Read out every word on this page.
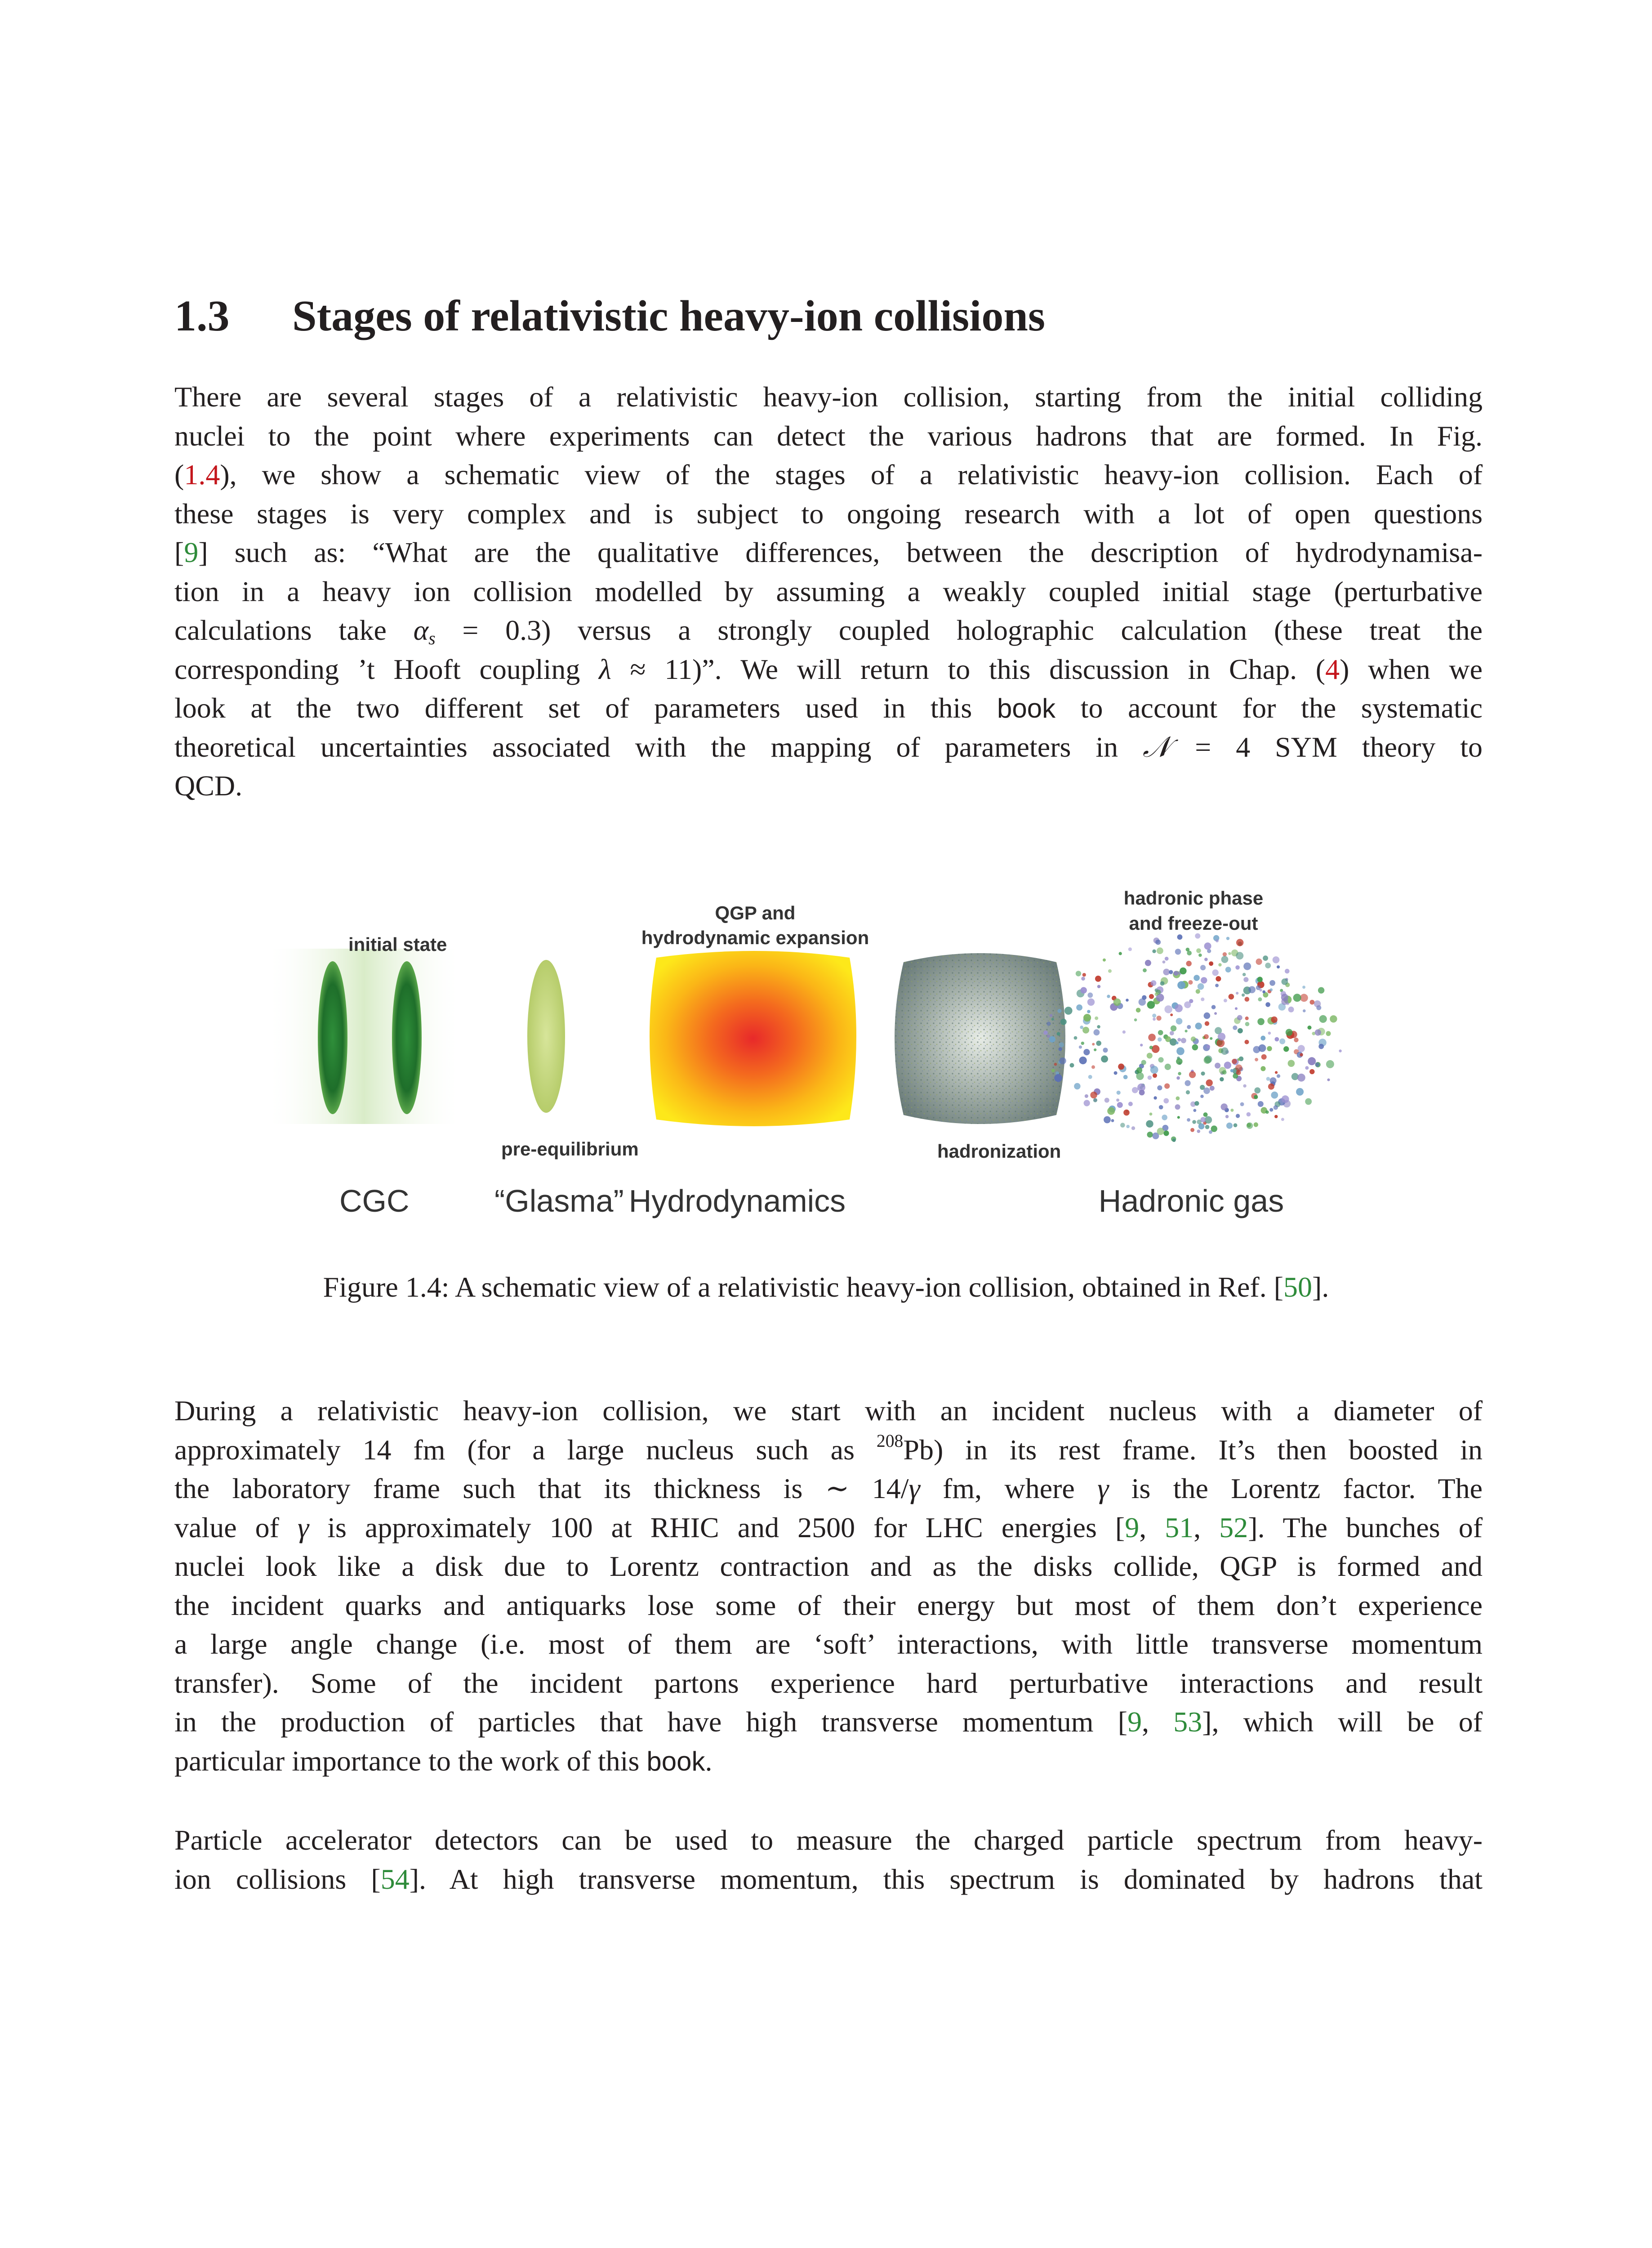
1.3 Stages of relativistic heavy-ion collisions
There are several stages of a relativistic heavy-ion collision, starting from the initial colliding
nuclei to the point where experiments can detect the various hadrons that are formed. In Fig.
(1.4), we show a schematic view of the stages of a relativistic heavy-ion collision. Each of
these stages is very complex and is subject to ongoing research with a lot of open questions
[9] such as: “What are the qualitative differences, between the description of hydrodynamisa-
tion in a heavy ion collision modelled by assuming a weakly coupled initial stage (perturbative
calculations take $\alpha_s = 0.3$) versus a strongly coupled holographic calculation (these treat the
corresponding ’t Hooft coupling λ ≈ 11)”. We will return to this discussion in Chap. (4) when we
look at the two different set of parameters used in this book to account for the systematic
theoretical uncertainties associated with the mapping of parameters in 𝒩 = 4 SYM theory to
QCD.
initial state
QGP and
hydrodynamic expansion
hadronic phase
and freeze-out
pre-equilibrium	hadronization
CGC	“Glasma” Hydrodynamics	Hadronic gas

Figure 1.4: A schematic view of a relativistic heavy-ion collision, obtained in Ref. [50].

During a relativistic heavy-ion collision, we start with an incident nucleus with a diameter of
approximately 14 fm (for a large nucleus such as $^{208}$Pb) in its rest frame. It’s then boosted in
the laboratory frame such that its thickness is ∼ 14/γ fm, where γ is the Lorentz factor. The
value of γ is approximately 100 at RHIC and 2500 for LHC energies [9, 51, 52]. The bunches of
nuclei look like a disk due to Lorentz contraction and as the disks collide, QGP is formed and
the incident quarks and antiquarks lose some of their energy but most of them don’t experience
a large angle change (i.e. most of them are ‘soft’ interactions, with little transverse momentum
transfer). Some of the incident partons experience hard perturbative interactions and result
in the production of particles that have high transverse momentum [9, 53], which will be of
particular importance to the work of this book.
Particle accelerator detectors can be used to measure the charged particle spectrum from heavy-
ion collisions [54]. At high transverse momentum, this spectrum is dominated by hadrons that
